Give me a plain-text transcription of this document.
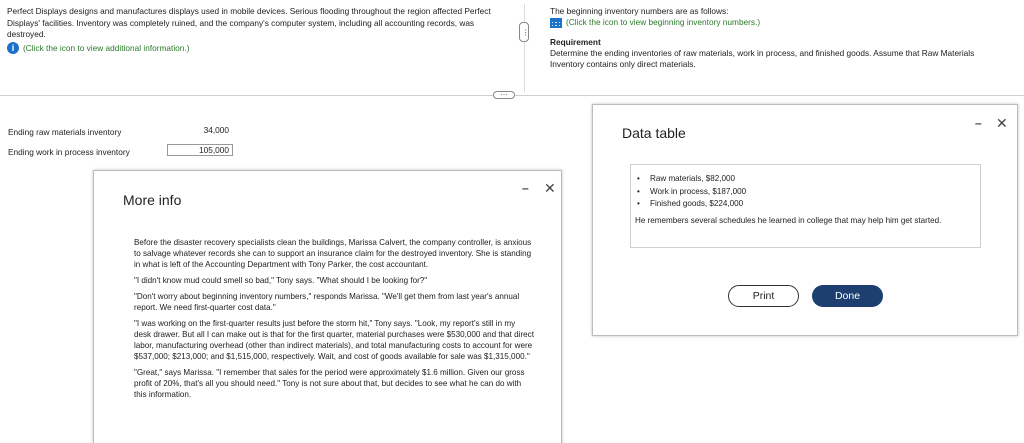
Perfect Displays designs and manufactures displays used in mobile devices. Serious flooding throughout the region affected Perfect Displays' facilities. Inventory was completely ruined, and the company's computer system, including all accounting records, was destroyed.
i	(Click the icon to view additional information.)
⋯
The beginning inventory numbers are as follows:
(Click the icon to view beginning inventory numbers.)
Requirement
Determine the ending inventories of raw materials, work in process, and finished goods. Assume that Raw Materials Inventory contains only direct materials.
⋯
Ending raw materials inventory	34,000
Ending work in process inventory	105,000
More info
– ✕

Before the disaster recovery specialists clean the buildings, Marissa Calvert, the company controller, is anxious to salvage whatever records she can to support an insurance claim for the destroyed inventory. She is standing in what is left of the Accounting Department with Tony Parker, the cost accountant.

"I didn't know mud could smell so bad," Tony says. "What should I be looking for?"

"Don't worry about beginning inventory numbers," responds Marissa. "We'll get them from last year's annual report. We need first-quarter cost data."

"I was working on the first-quarter results just before the storm hit," Tony says. "Look, my report's still in my desk drawer. But all I can make out is that for the first quarter, material purchases were $530,000 and that direct labor, manufacturing overhead (other than indirect materials), and total manufacturing costs to account for were $537,000; $213,000; and $1,515,000, respectively. Wait, and cost of goods available for sale was $1,315,000."

"Great," says Marissa. "I remember that sales for the period were approximately $1.6 million. Given our gross profit of 20%, that's all you should need." Tony is not sure about that, but decides to see what he can do with this information.

Data table
– ✕
• Raw materials, $82,000
• Work in process, $187,000
• Finished goods, $224,000
He remembers several schedules he learned in college that may help him get started.
Print	Done
